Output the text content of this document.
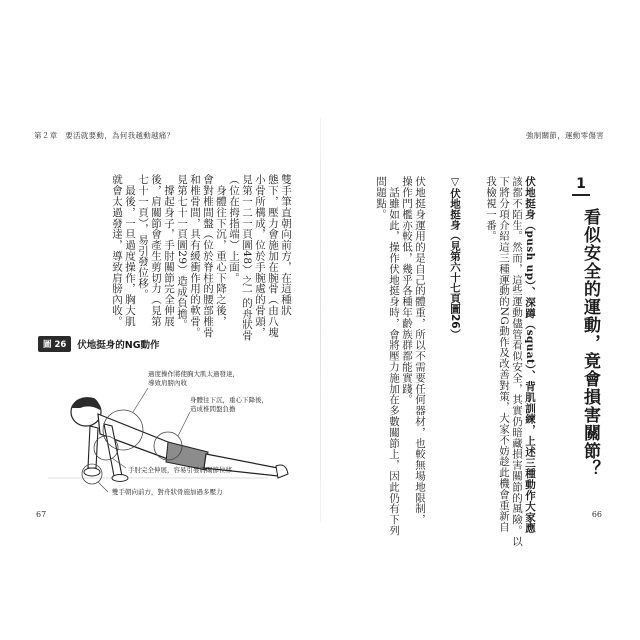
第２章　要活就要動，為何我越動越痛？
雙手筆直朝向前方，在這種狀
態下，壓力會施加在腕骨（由八塊
小骨所構成，位於手腕處的骨頭，
見第一二一頁圖48）之一的舟狀骨
（位在拇指端）上面。
　身體往下沉，重心下降之後，
會對椎間盤（位於脊柱的腰部椎骨
和椎骨間，具有緩衝作用的軟骨。
見第七十一頁圖29）造成負擔。
　撐起身子，手肘關節完全伸展
後，肩關節會產生剪切力（見第
七十一頁），易引發位移。
　最後，一旦過度操作，胸大肌
就會太過發達，導致肩膀內收。
圖 26	伏地挺身的NG動作
過度操作將使胸大肌太過發達，
導致肩膀內收
身體往下沉，重心下降後，
造成椎間盤負擔
手肘完全伸展，容易引發肩關節位移
雙手朝向前方，對舟狀骨施加過多壓力
67
強制關節，運動零傷害
1
看似安全的運動，竟會損害關節？
伏地挺身（push up）、深蹲（squat）、背肌訓練，上述三種動作大家應
該都不陌生。然而，這些運動儘管看似安全，其實仍暗藏損害關節的風險。以
下將分項介紹這三種運動的NG動作及改善對策，大家不妨趁此機會重新自
我檢視一番。
▽伏地挺身（見第六十七頁圖26）
伏地挺身運用的是自己的體重，所以不需要任何器材，也較無場地限制，
操作門檻亦較低，幾乎各種年齡族群都能實踐。
　話雖如此，操作伏地挺身時，會將壓力施加在多數關節上，因此仍有下列
問題點。
66
